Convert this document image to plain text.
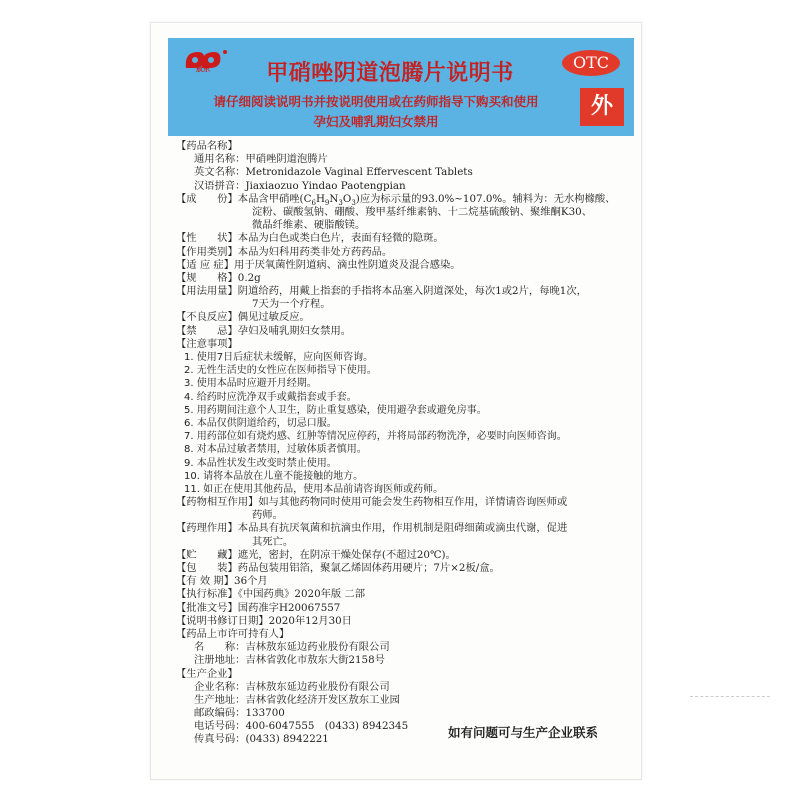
敖东	甲硝唑阴道泡腾片说明书	OTC
请仔细阅读说明书并按说明使用或在药师指导下购买和使用
孕妇及哺乳期妇女禁用
外
【药品名称】
通用名称：甲硝唑阴道泡腾片
英文名称：Metronidazole Vaginal Effervescent Tablets
汉语拼音：Jiaxiaozuo Yindao Paotengpian
【成　　份】本品含甲硝唑$(C_6H_9N_3O_3)$应为标示量的93.0%~107.0%。辅料为：无水枸橼酸、
淀粉、碳酸氢钠、硼酸、羧甲基纤维素钠、十二烷基硫酸钠、聚维酮K30、
微晶纤维素、硬脂酸镁。
【性　　状】本品为白色或类白色片，表面有轻微的隐斑。
【作用类别】本品为妇科用药类非处方药药品。
【适 应 症】用于厌氧菌性阴道病、滴虫性阴道炎及混合感染。
【规　　格】0.2g
【用法用量】阴道给药，用戴上指套的手指将本品塞入阴道深处，每次1或2片，每晚1次，
7天为一个疗程。
【不良反应】偶见过敏反应。
【禁　　忌】孕妇及哺乳期妇女禁用。
【注意事项】
1. 使用7日后症状未缓解，应向医师咨询。
2. 无性生活史的女性应在医师指导下使用。
3. 使用本品时应避开月经期。
4. 给药时应洗净双手或戴指套或手套。
5. 用药期间注意个人卫生，防止重复感染，使用避孕套或避免房事。
6. 本品仅供阴道给药，切忌口服。
7. 用药部位如有烧灼感、红肿等情况应停药，并将局部药物洗净，必要时向医师咨询。
8. 对本品过敏者禁用，过敏体质者慎用。
9. 本品性状发生改变时禁止使用。
10. 请将本品放在儿童不能接触的地方。
11. 如正在使用其他药品，使用本品前请咨询医师或药师。
【药物相互作用】如与其他药物同时使用可能会发生药物相互作用，详情请咨询医师或
药师。
【药理作用】本品具有抗厌氧菌和抗滴虫作用，作用机制是阻碍细菌或滴虫代谢，促进
其死亡。
【贮　　藏】遮光，密封，在阴凉干燥处保存(不超过20℃)。
【包　　装】药品包装用铝箔，聚氯乙烯固体药用硬片；7片×2板/盒。
【有 效 期】36个月
【执行标准】《中国药典》2020年版 二部
【批准文号】国药准字H20067557
【说明书修订日期】2020年12月30日
【药品上市许可持有人】
名　　称：吉林敖东延边药业股份有限公司
注册地址：吉林省敦化市敖东大街2158号
【生产企业】
企业名称：吉林敖东延边药业股份有限公司
生产地址：吉林省敦化经济开发区敖东工业园
邮政编码：133700
电话号码：400-6047555　(0433) 8942345
传真号码：(0433) 8942221	如有问题可与生产企业联系
